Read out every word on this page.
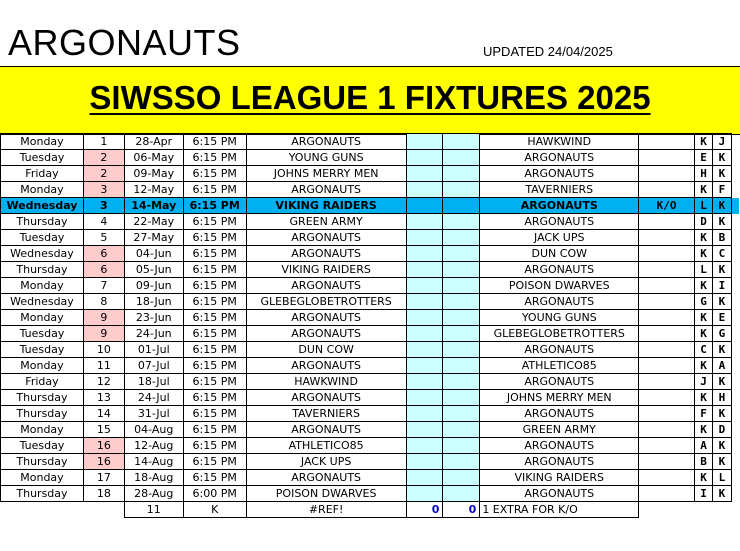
ARGONAUTS	UPDATED 24/04/2025
SIWSSO LEAGUE 1 FIXTURES 2025
Monday	1	28-Apr	6:15 PM	ARGONAUTS			HAWKWIND		K	J	
Tuesday	2	06-May	6:15 PM	YOUNG GUNS			ARGONAUTS		E	K	
Friday	2	09-May	6:15 PM	JOHNS MERRY MEN			ARGONAUTS		H	K	
Monday	3	12-May	6:15 PM	ARGONAUTS			TAVERNIERS		K	F	
Wednesday	3	14-May	6:15 PM	VIKING RAIDERS			ARGONAUTS	K/O	L	K	
Thursday	4	22-May	6:15 PM	GREEN ARMY			ARGONAUTS		D	K	
Tuesday	5	27-May	6:15 PM	ARGONAUTS			JACK UPS		K	B	
Wednesday	6	04-Jun	6:15 PM	ARGONAUTS			DUN COW		K	C	
Thursday	6	05-Jun	6:15 PM	VIKING RAIDERS			ARGONAUTS		L	K	
Monday	7	09-Jun	6:15 PM	ARGONAUTS			POISON DWARVES		K	I	
Wednesday	8	18-Jun	6:15 PM	GLEBEGLOBETROTTERS			ARGONAUTS		G	K	
Monday	9	23-Jun	6:15 PM	ARGONAUTS			YOUNG GUNS		K	E	
Tuesday	9	24-Jun	6:15 PM	ARGONAUTS			GLEBEGLOBETROTTERS		K	G	
Tuesday	10	01-Jul	6:15 PM	DUN COW			ARGONAUTS		C	K	
Monday	11	07-Jul	6:15 PM	ARGONAUTS			ATHLETICO85		K	A	
Friday	12	18-Jul	6:15 PM	HAWKWIND			ARGONAUTS		J	K	
Thursday	13	24-Jul	6:15 PM	ARGONAUTS			JOHNS MERRY MEN		K	H	
Thursday	14	31-Jul	6:15 PM	TAVERNIERS			ARGONAUTS		F	K	
Monday	15	04-Aug	6:15 PM	ARGONAUTS			GREEN ARMY		K	D	
Tuesday	16	12-Aug	6:15 PM	ATHLETICO85			ARGONAUTS		A	K	
Thursday	16	14-Aug	6:15 PM	JACK UPS			ARGONAUTS		B	K	
Monday	17	18-Aug	6:15 PM	ARGONAUTS			VIKING RAIDERS		K	L	
Thursday	18	28-Aug	6:00 PM	POISON DWARVES			ARGONAUTS		I	K	
		11	K	#REF!	0	0	1 EXTRA FOR K/O				
